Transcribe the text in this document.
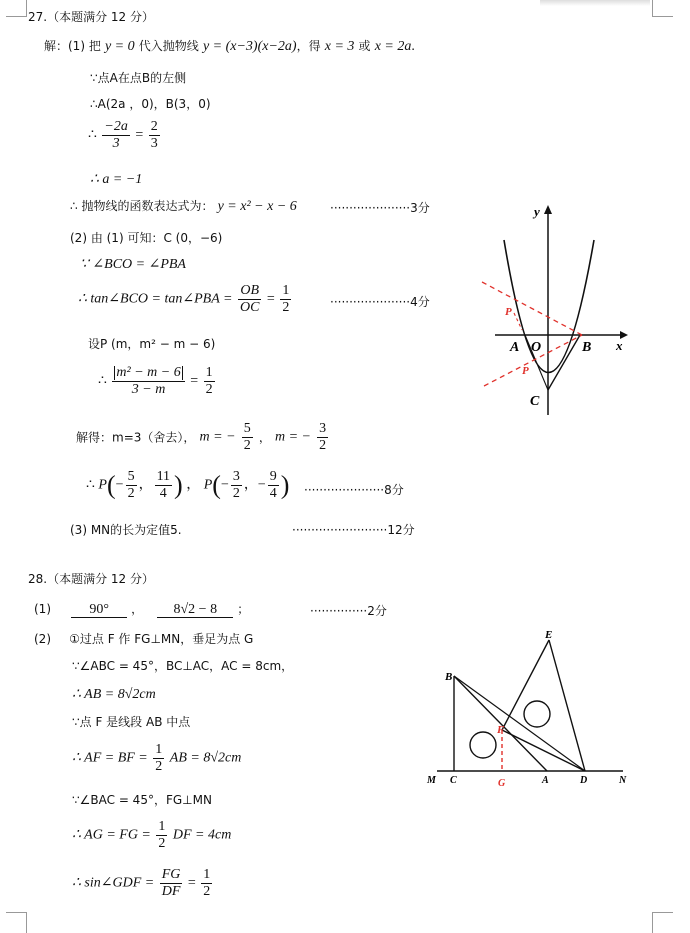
27.（本题满分 12 分）
解：(1) 把 y = 0 代入抛物线 y = (x−3)(x−2a)，得 x = 3 或 x = 2a.
∵点A在点B的左侧
∴A(2a ，0)，B(3，0)
∴ $\frac{-2a}{3} = \frac{2}{3}$
∴ a = −1
∴ 抛物线的函数表达式为： y = x² − x − 6	·····················3分
(2) 由 (1) 可知：C (0，−6)
∵ ∠BCO = ∠PBA
∴ tan∠BCO = tan∠PBA = $\frac{OB}{OC} = \frac{1}{2}$	·····················4分
设P (m，m² − m − 6)
∴ $\frac{\text{m² − m − 6}}{3 - m} = \frac{1}{2}$
解得：m=3（舍去）， m = − $\frac{5}{2}$ ， m = − $\frac{3}{2}$
∴ $P(- \frac{5}{2}$ ， $\frac{11}{4}$ ) ， $P(- \frac{3}{2}$ ，− $\frac{9}{4}$ ) ·····················8分
(3) MN的长为定值5.	·························12分
y
x
A O	B
C
P
P
28.（本题满分 12 分）
(1)	90° ， 8√2 − 8 ；	···············2分
(2) ①过点 F 作 FG⊥MN，垂足为点 G
∵∠ABC = 45°，BC⊥AC，AC = 8cm，
∴ AB = 8√2cm
∵点 F 是线段 AB 中点
∴ AF = BF = $\frac{1}{2}$ AB = 8√2cm
∵∠BAC = 45°，FG⊥MN
∴ AG = FG = $\frac{1}{2}$ DF = 4cm
∴ sin∠GDF = $\frac{FG}{DF} = \frac{1}{2}$
B
E
F
M C	G	A	D	N
